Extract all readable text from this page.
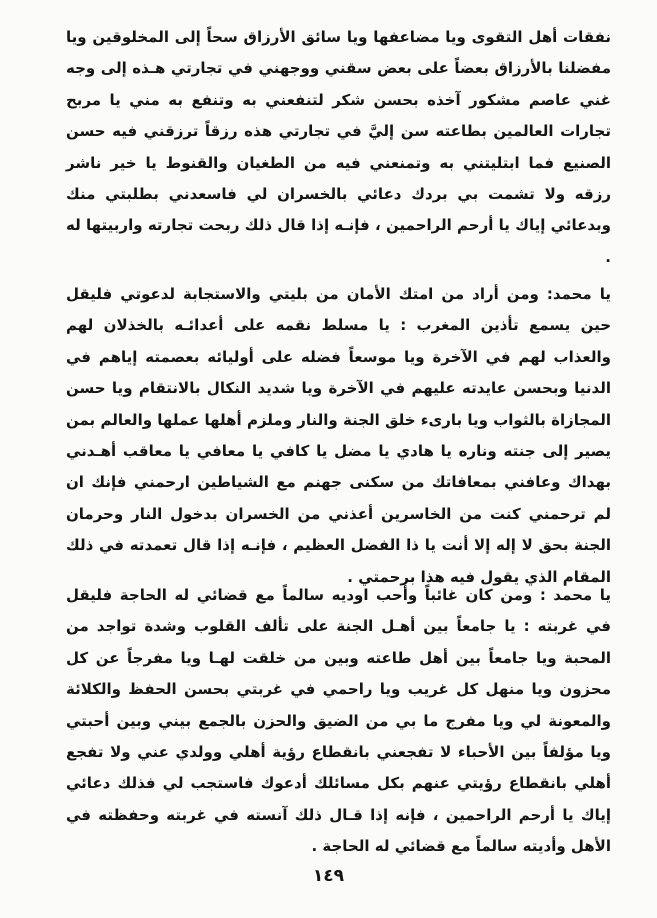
نفقات أهل التقوى ويا مضاعفها ويا سائق الأرزاق سحاً إلى المخلوقين ويا مفضلنا بالأرزاق بعضاً على بعض سقني ووجهني في تجارتي هـذه إلى وجه غني عاصم مشكور آخذه بحسن شكر لتنفعني به وتنفع به مني يا مربح تجارات العالمين بطاعته سن إليَّ في تجارتي هذه رزقاً ترزقني فيه حسن الصنيع فما ابتليتني به وتمنعني فيه من الطغيان والقنوط يا خير ناشر رزقه ولا تشمت بي بردك دعائي بالخسران لي فاسعدني بطلبتي منك وبدعائي إياك يا أرحم الراحمين ، فإنـه إذا قال ذلك ربحت تجارته واربيتها له .

يا محمد: ومن أراد من امتك الأمان من بليتي والاستجابة لدعوتي فليقل حين يسمع تأذين المغرب : يا مسلط نقمه على أعدائـه بالخذلان لهم والعذاب لهم في الآخرة ويا موسعاً فضله على أوليائه بعصمته إياهم في الدنيا وبحسن عايدته عليهم في الآخرة ويا شديد النكال بالانتقام ويا حسن المجازاة بالثواب ويا بارىء خلق الجنة والنار وملزم أهلها عملها والعالم بمن يصير إلى جنته وناره يا هادي يا مضل يا كافي يا معافي يا معاقب أهـدني بهداك وعافني بمعافاتك من سكنى جهنم مع الشياطين ارحمني فإنك ان لم ترحمني كنت من الخاسرين أعذني من الخسران بدخول النار وحرمان الجنة بحق لا إله إلا أنت يا ذا الفضل العظيم ، فإنـه إذا قال تعمدته في ذلك المقام الذي يقول فيه هذا برحمتي .

يا محمد : ومن كان غائباً وأحب اوديه سالماً مع قضائي له الحاجة فليقل في غربته : يا جامعاً بين أهـل الجنة على تألف القلوب وشدة تواجد من المحبة ويا جامعاً بين أهل طاعته وبين من خلقت لهـا ويا مفرجاً عن كل محزون ويا منهل كل غريب ويا راحمي في غربتي بحسن الحفظ والكلائة والمعونة لي ويا مفرج ما بي من الضيق والحزن بالجمع بيني وبين أحبتي ويا مؤلفاً بين الأحباء لا تفجعني بانقطاع رؤية أهلي وولدي عني ولا تفجع أهلي بانقطاع رؤيتي عنهم بكل مسائلك أدعوك فاستجب لي فذلك دعائي إياك يا أرحم الراحمين ، فإنه إذا قـال ذلك آنسته في غربته وحفظته في الأهل وأديته سالماً مع قضائي له الحاجة .

١٤٩
